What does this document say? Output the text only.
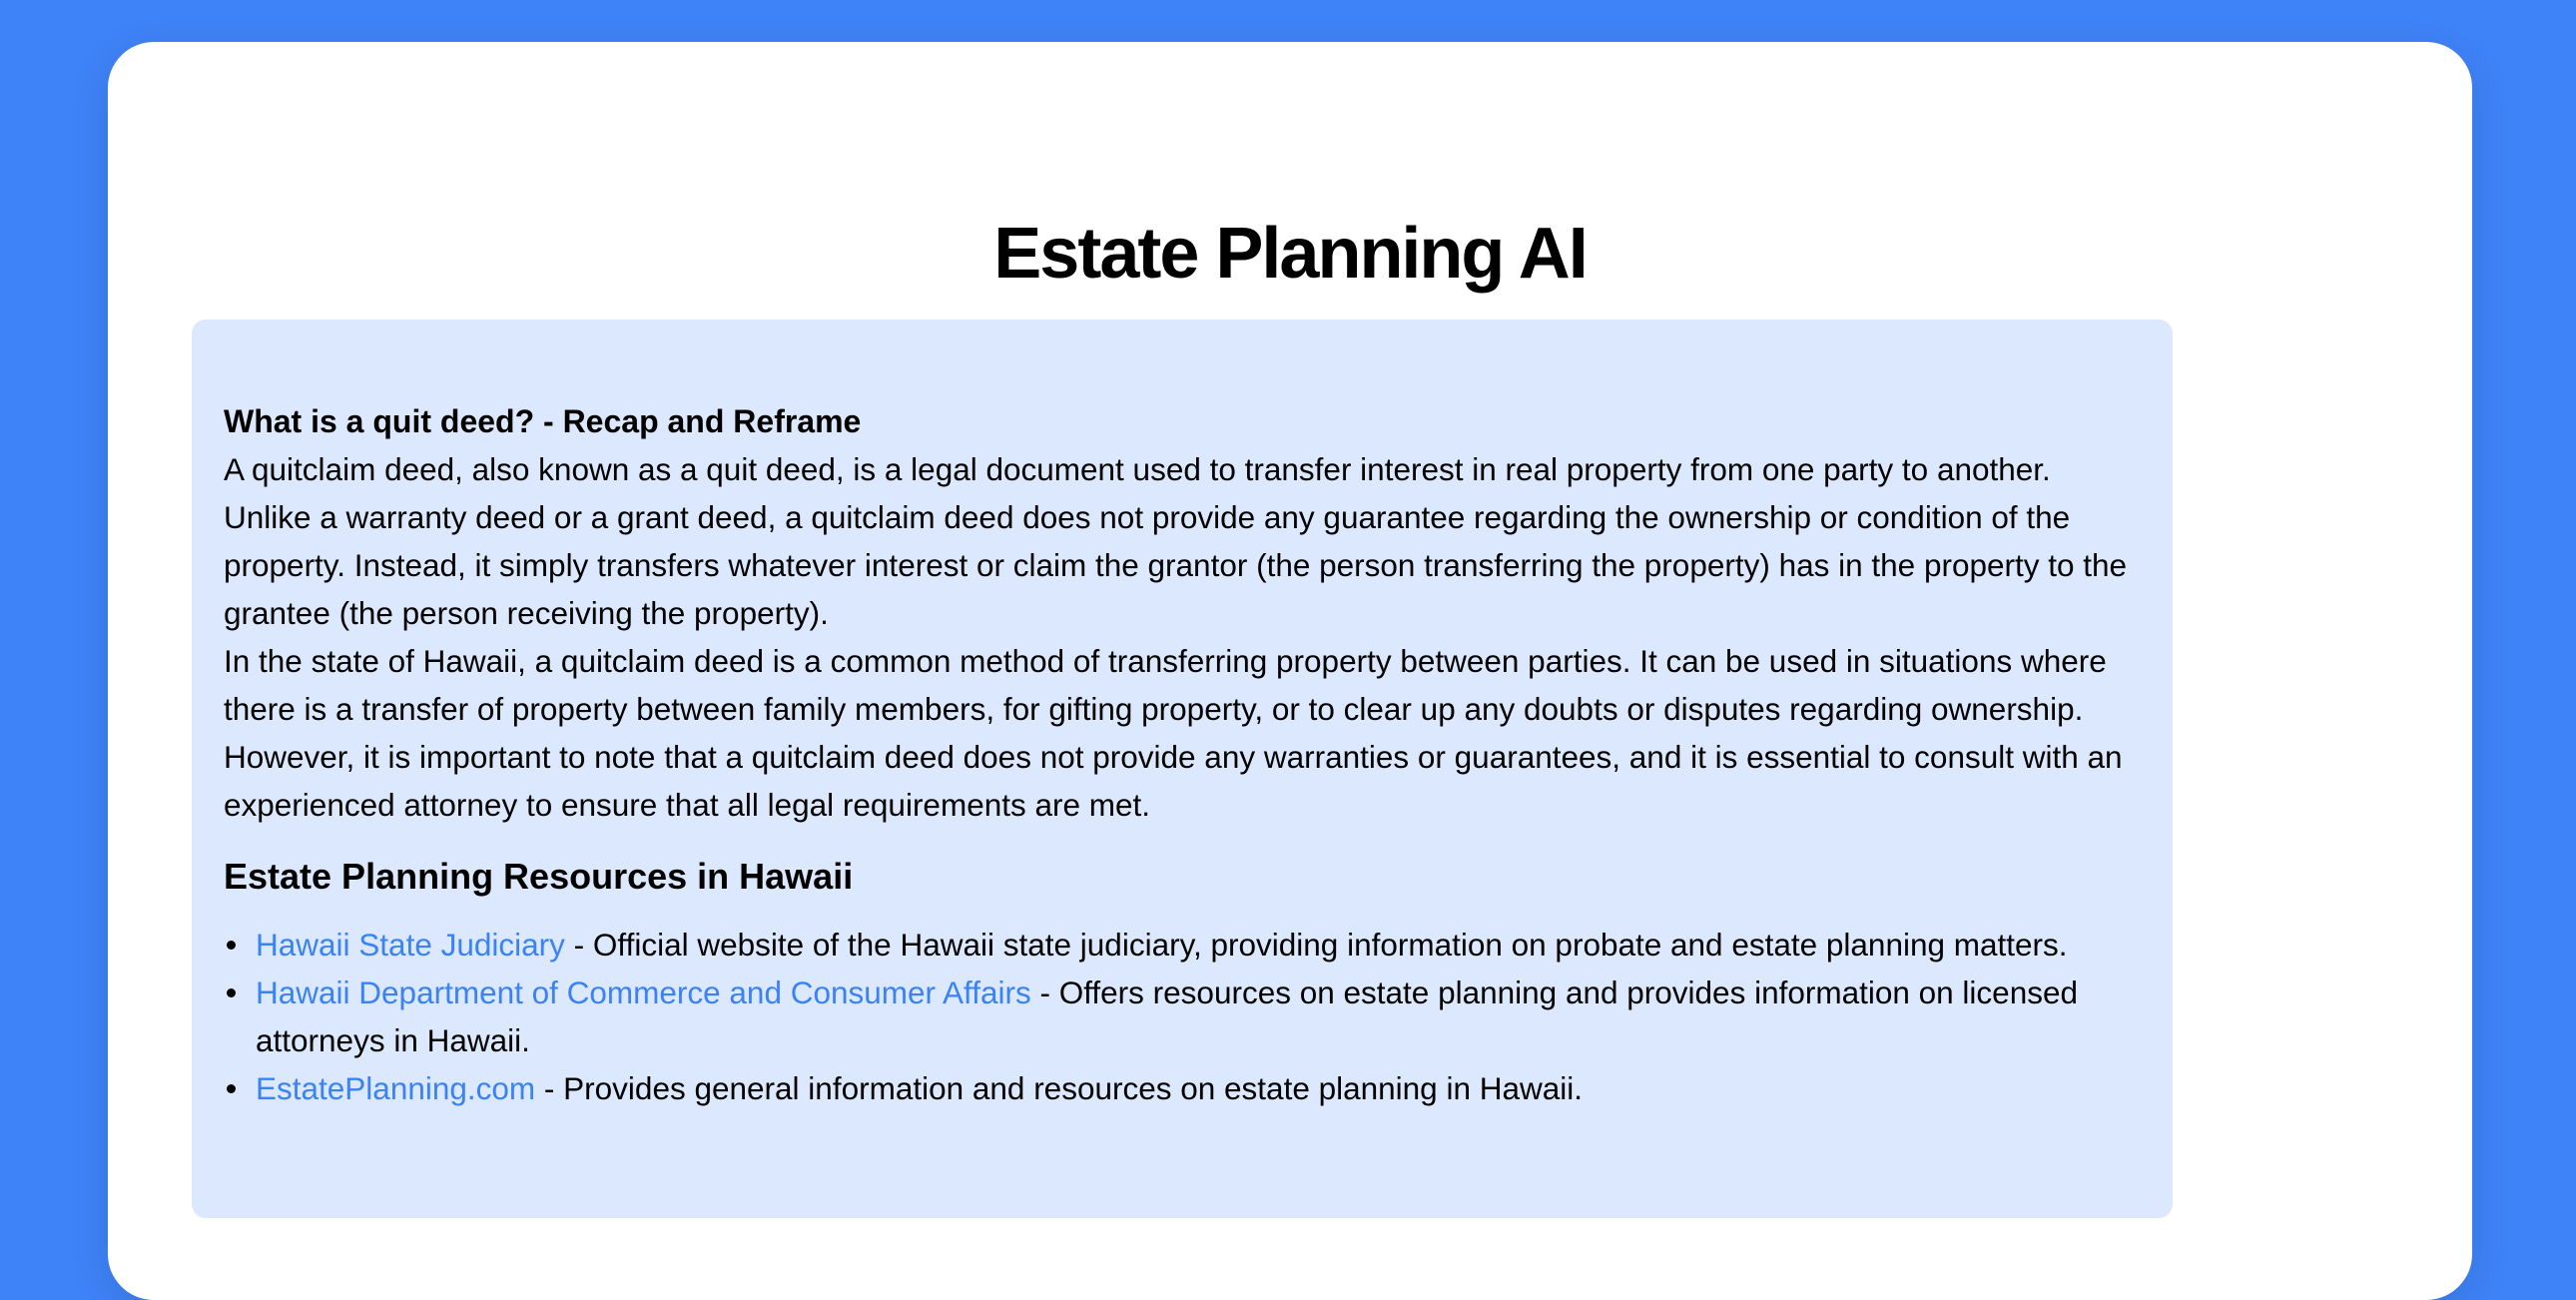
Estate Planning AI

What is a quit deed? - Recap and Reframe

A quitclaim deed, also known as a quit deed, is a legal document used to transfer interest in real property from one party to another. Unlike a warranty deed or a grant deed, a quitclaim deed does not provide any guarantee regarding the ownership or condition of the property. Instead, it simply transfers whatever interest or claim the grantor (the person transferring the property) has in the property to the grantee (the person receiving the property).

In the state of Hawaii, a quitclaim deed is a common method of transferring property between parties. It can be used in situations where there is a transfer of property between family members, for gifting property, or to clear up any doubts or disputes regarding ownership. However, it is important to note that a quitclaim deed does not provide any warranties or guarantees, and it is essential to consult with an experienced attorney to ensure that all legal requirements are met.

Estate Planning Resources in Hawaii
Hawaii State Judiciary - Official website of the Hawaii state judiciary, providing information on probate and estate planning matters.
Hawaii Department of Commerce and Consumer Affairs - Offers resources on estate planning and provides information on licensed attorneys in Hawaii.
EstatePlanning.com - Provides general information and resources on estate planning in Hawaii.
